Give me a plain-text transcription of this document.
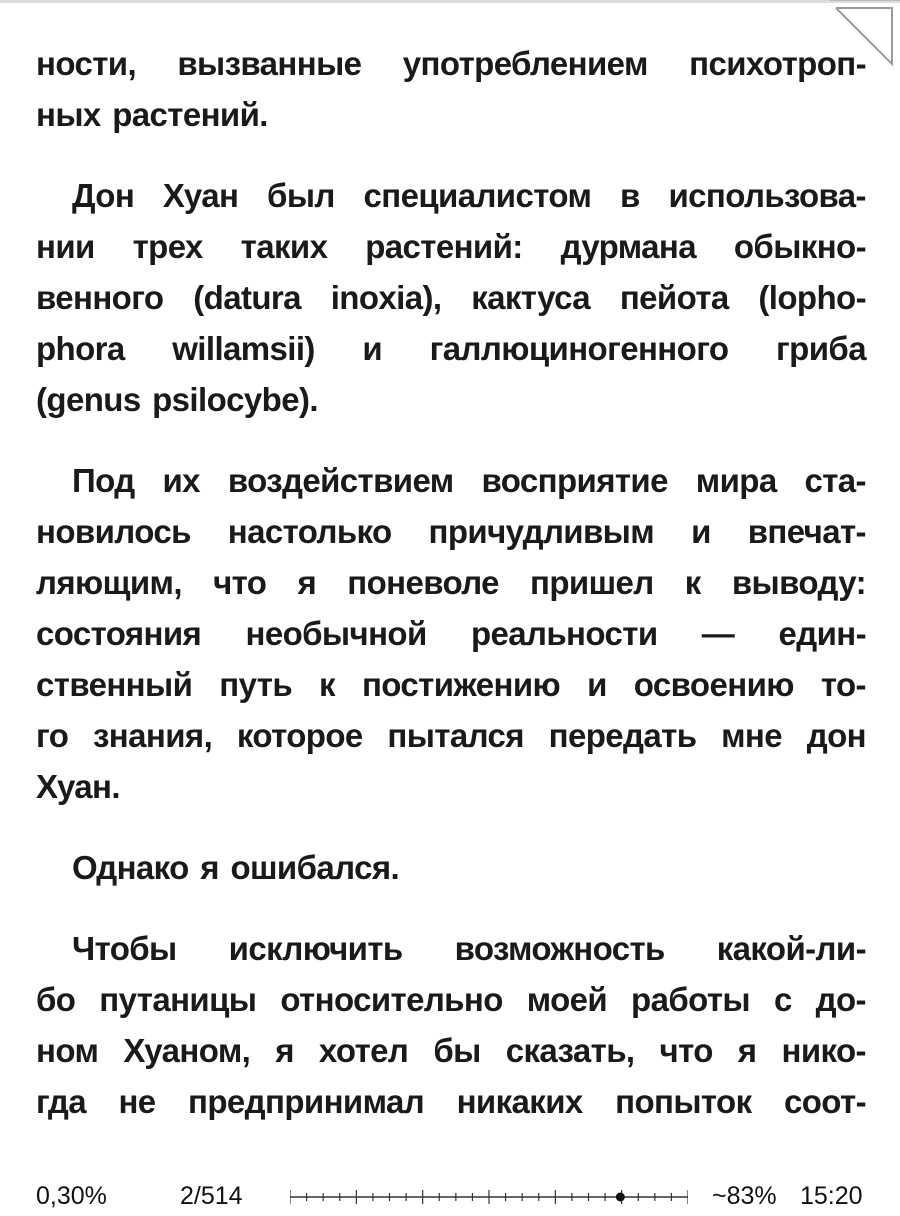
ности, вызванные употреблением психотроп-
ных растений.
Дон Хуан был специалистом в использова-
нии трех таких растений: дурмана обыкно-
венного (datura inoxia), кактуса пейота (lopho-
phora willamsii) и галлюциногенного гриба
(genus psilocybe).
Под их воздействием восприятие мира ста-
новилось настолько причудливым и впечат-
ляющим, что я поневоле пришел к выводу:
состояния необычной реальности — един-
ственный путь к постижению и освоению то-
го знания, которое пытался передать мне дон
Хуан.
Однако я ошибался.
Чтобы исключить возможность какой-ли-
бо путаницы относительно моей работы с до-
ном Хуаном, я хотел бы сказать, что я нико-
гда не предпринимал никаких попыток соот-
0,30%	2/514	~83% 15:20
